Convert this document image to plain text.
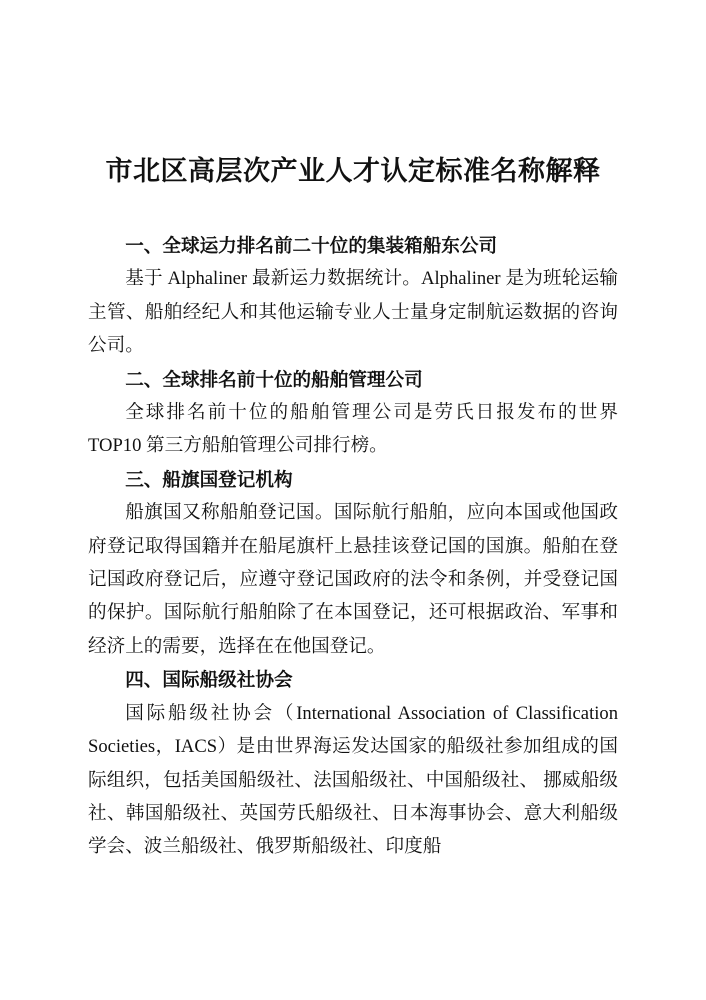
市北区高层次产业人才认定标准名称解释

一、全球运力排名前二十位的集装箱船东公司

基于 Alphaliner 最新运力数据统计。Alphaliner 是为班轮运输主管、船舶经纪人和其他运输专业人士量身定制航运数据的咨询公司。

二、全球排名前十位的船舶管理公司

全球排名前十位的船舶管理公司是劳氏日报发布的世界 TOP10 第三方船舶管理公司排行榜。

三、船旗国登记机构

船旗国又称船舶登记国。国际航行船舶，应向本国或他国政府登记取得国籍并在船尾旗杆上悬挂该登记国的国旗。船舶在登记国政府登记后，应遵守登记国政府的法令和条例，并受登记国的保护。国际航行船舶除了在本国登记，还可根据政治、军事和经济上的需要，选择在在他国登记。

四、国际船级社协会

国际船级社协会（International Association of Classification Societies，IACS）是由世界海运发达国家的船级社参加组成的国际组织，包括美国船级社、法国船级社、中国船级社、 挪威船级社、韩国船级社、英国劳氏船级社、日本海事协会、意大利船级学会、波兰船级社、俄罗斯船级社、印度船
